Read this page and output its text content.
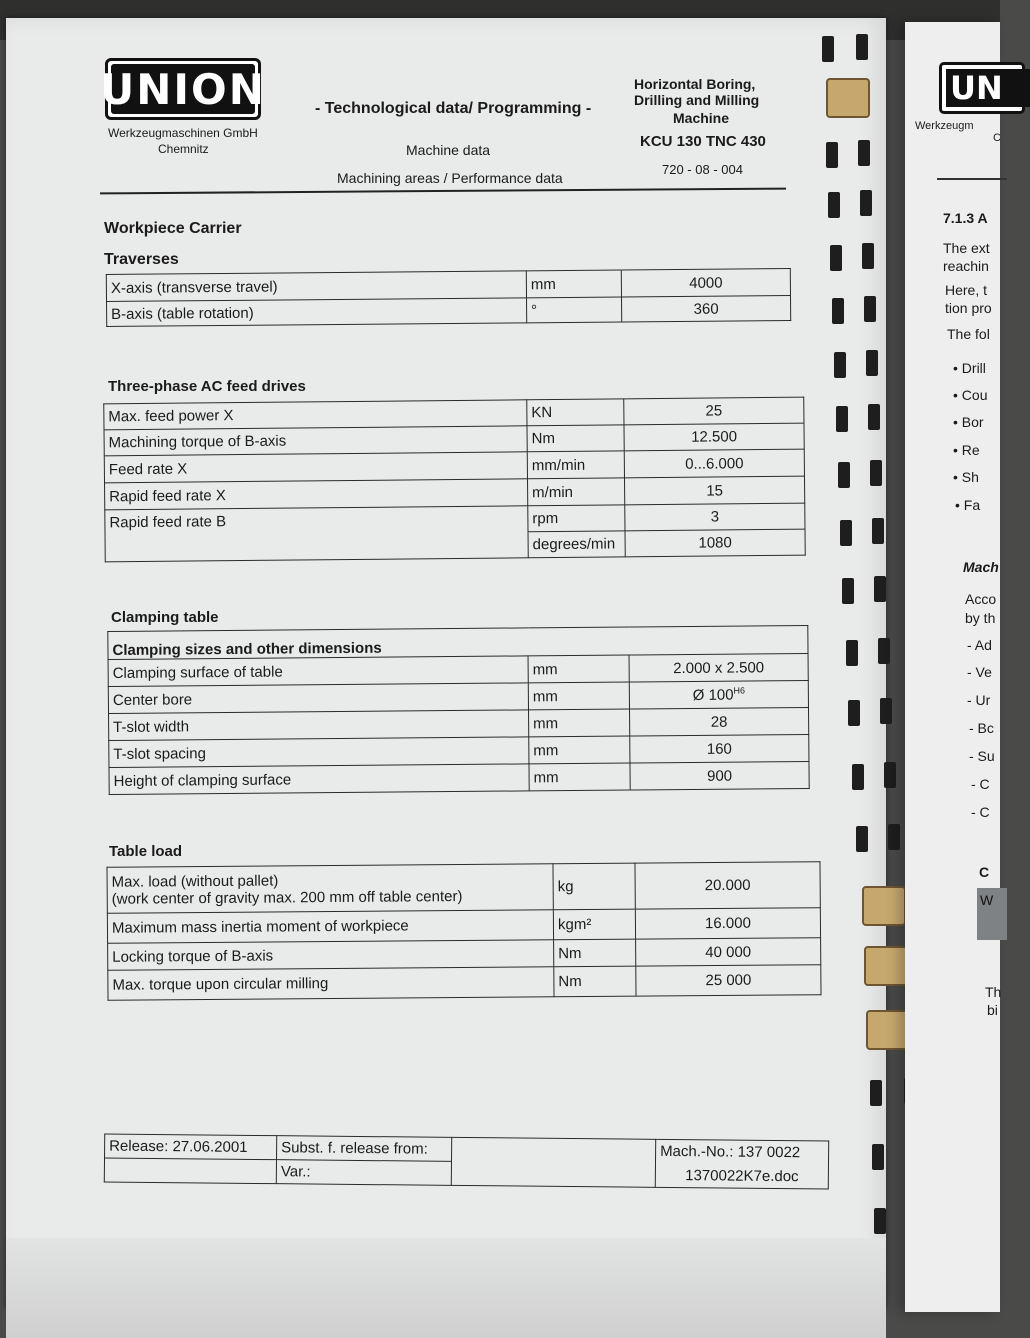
UNION
Werkzeugmaschinen GmbH
Chemnitz
- Technological data/ Programming -
Machine data
Machining areas / Performance data
Horizontal Boring,
Drilling and Milling
Machine
KCU 130 TNC 430
720 - 08 - 004
Workpiece Carrier
Traverses
X-axis (transverse travel)	mm	4000
B-axis (table rotation)	°	360
Three-phase AC feed drives
Max. feed power X	KN	25
Machining torque of B-axis	Nm	12.500
Feed rate X	mm/min	0...6.000
Rapid feed rate X	m/min	15
Rapid feed rate B	rpm	3
	degrees/min	1080
Clamping table
Clamping sizes and other dimensions		
Clamping surface of table	mm	2.000 x 2.500
Center bore	mm	Ø $100^{H6}$
T-slot width	mm	28
T-slot spacing	mm	160
Height of clamping surface	mm	900
Table load
Max. load (without pallet)
(work center of gravity max. 200 mm off table center)	kg	20.000
Maximum mass inertia moment of workpiece	kgm²	16.000
Locking torque of B-axis	Nm	40 000
Max. torque upon circular milling	Nm	25 000
Release: 27.06.2001	Subst. f. release from:		Mach.-No.: 137 0022
	Var.:		1370022K7e.doc
UN
Werkzeugm
C
7.1.3 A
The ext
reachin
Here, t
tion pro
The fol
• Drill
• Cou
• Bor
• Re
• Sh
• Fa
Mach
Acco
by th
- Ad
- Ve
- Ur
- Bc
- Su
- C
- C
C
W
Th
bi
